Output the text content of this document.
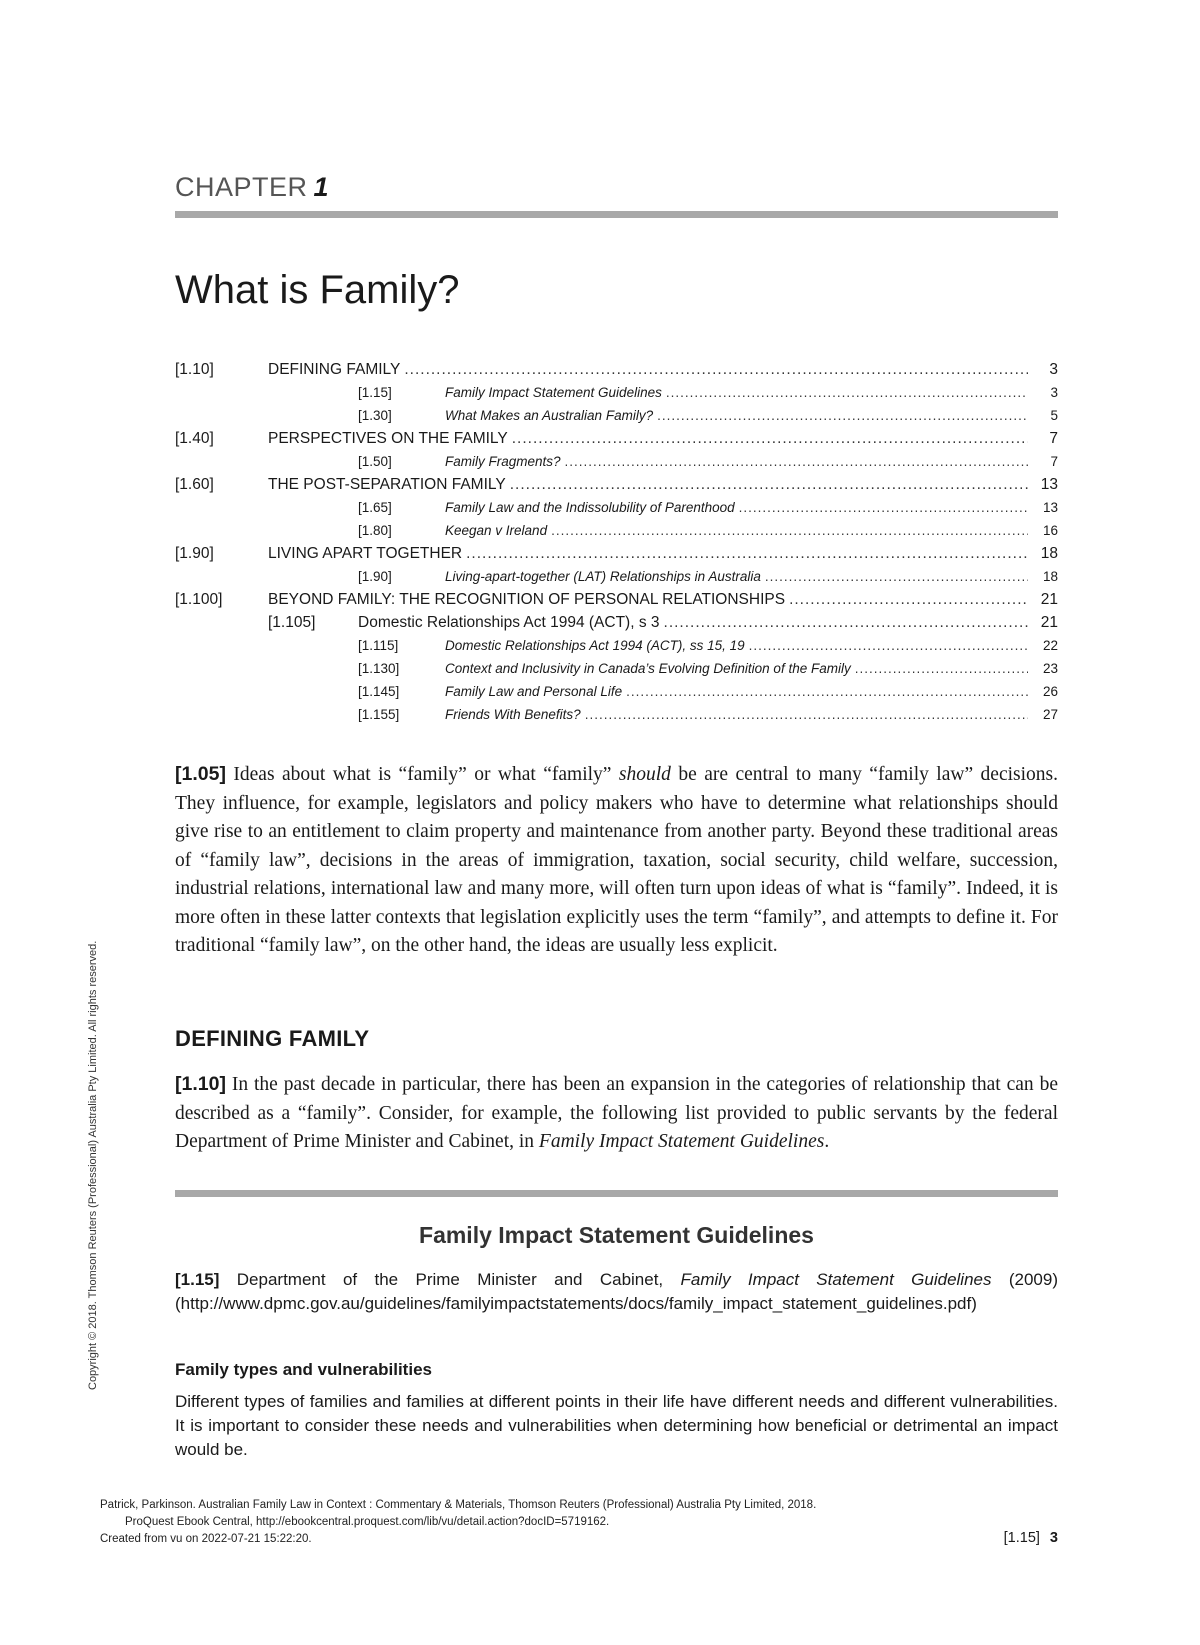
CHAPTER 1
What is Family?
[1.10]	DEFINING FAMILY .....	3
[1.15]	Family Impact Statement Guidelines .....	3
[1.30]	What Makes an Australian Family? .....	5
[1.40]	PERSPECTIVES ON THE FAMILY .....	7
[1.50]	Family Fragments? .....	7
[1.60]	THE POST-SEPARATION FAMILY .....	13
[1.65]	Family Law and the Indissolubility of Parenthood .....	13
[1.80]	Keegan v Ireland .....	16
[1.90]	LIVING APART TOGETHER .....	18
[1.90]	Living-apart-together (LAT) Relationships in Australia .....	18
[1.100]	BEYOND FAMILY: THE RECOGNITION OF PERSONAL RELATIONSHIPS .....	21
[1.105]	Domestic Relationships Act 1994 (ACT), s 3 .....	21
[1.115]	Domestic Relationships Act 1994 (ACT), ss 15, 19 .....	22
[1.130]	Context and Inclusivity in Canada’s Evolving Definition of the Family .....	23
[1.145]	Family Law and Personal Life .....	26
[1.155]	Friends With Benefits? .....	27
[1.05] Ideas about what is “family” or what “family” should be are central to many “family law” decisions. They influence, for example, legislators and policy makers who have to determine what relationships should give rise to an entitlement to claim property and maintenance from another party. Beyond these traditional areas of “family law”, decisions in the areas of immigration, taxation, social security, child welfare, succession, industrial relations, international law and many more, will often turn upon ideas of what is “family”. Indeed, it is more often in these latter contexts that legislation explicitly uses the term “family”, and attempts to define it. For traditional “family law”, on the other hand, the ideas are usually less explicit.
DEFINING FAMILY
[1.10] In the past decade in particular, there has been an expansion in the categories of relationship that can be described as a “family”. Consider, for example, the following list provided to public servants by the federal Department of Prime Minister and Cabinet, in Family Impact Statement Guidelines.
Family Impact Statement Guidelines
[1.15] Department of the Prime Minister and Cabinet, Family Impact Statement Guidelines (2009) (http://www.dpmc.gov.au/guidelines/familyimpactstatements/docs/family_impact_statement_guidelines.pdf)
Family types and vulnerabilities
Different types of families and families at different points in their life have different needs and different vulnerabilities. It is important to consider these needs and vulnerabilities when determining how beneficial or detrimental an impact would be.
Copyright © 2018. Thomson Reuters (Professional) Australia Pty Limited. All rights reserved.
Patrick, Parkinson. Australian Family Law in Context : Commentary & Materials, Thomson Reuters (Professional) Australia Pty Limited, 2018.
ProQuest Ebook Central, http://ebookcentral.proquest.com/lib/vu/detail.action?docID=5719162.
Created from vu on 2022-07-21 15:22:20.	[1.15] 3
